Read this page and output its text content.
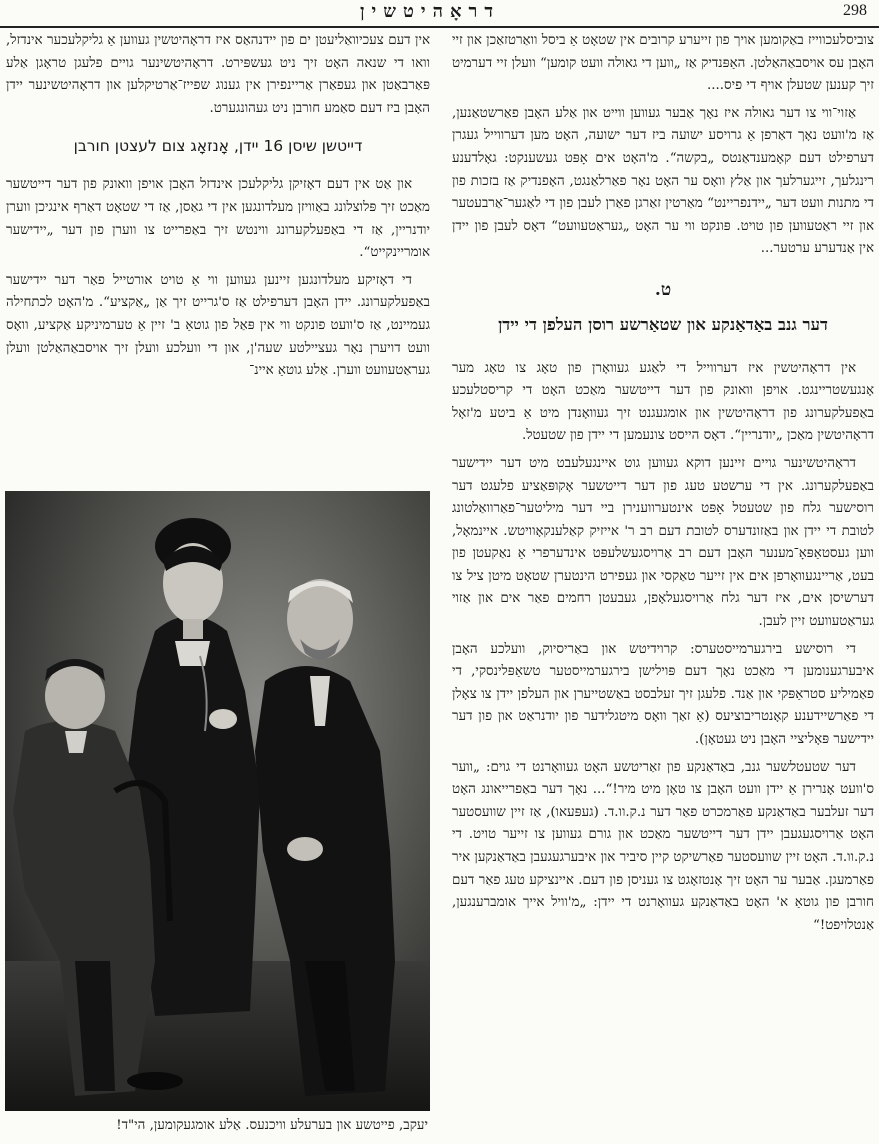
298
דראָהיטשין

אין דעם צעכיוואַליעטן ים פון יידנהאַס איז דראָהיטשין געווען אַ גליקלעכער אינדזל, וואו די שנאה האָט זיך ניט געשפּירט. דראָהיטשינער גויים פלעגן טראָגן אַלע פּאַרבאַטן און געפאַרן אַריינפירן אין גענוג שפייז־אַרטיקלען און דראָהיטשינער יידן האָבן ביז דעם סאַמע חורבן ניט געהונגערט.

דייטשן שיסן 16 יידן, אָנזאָג צום לעצטן חורבן

און אַט אין דעם דאָזיקן גליקלעכן אינדזל האָבן אויפן וואונק פון דער דייטשער מאַכט זיך פּלוצלונג באַוויזן מעלדונגען אין די גאַסן, אַז די שטאָט דאַרף אינגיכן ווערן יודנריין, אַז די באַפעלקערונג ווינטש זיך באַפרייט צו ווערן פון דער „יידישער אומריינקייט“.

די דאָזיקע מעלדונגען זיינען געווען ווי אַ טויט אורטייל פאַר דער יידישער באַפעלקערונג. יידן האָבן דערפילט אַז ס'גרייט זיך אַן „אַקציע“. מ'האָט לכתחילה געמיינט, אַז ס'וועט פונקט ווי אין פּאַל פון גוטאַ ב' זיין אַ טערמיניקע אַקציע, וואָס וועט דויערן נאָר געציילטע שעה'ן, און די וועלכע וועלן זיך אויסבאַהאַלטן וועלן געראַטעוועט ווערן. אַלע גוטאַ איינ־

צוביסלעכווייז באַקומען אויך פון זייערע קרובים אין שטאָט אַ ביסל וואַרטזאַכן און זיי האָבן עס אויסבאַהאַלטן. האַפּנדיק אַז „ווען די גאולה וועט קומען“ וועלן זיי דערמיט זיך קענען שטעלן אויף די פיס....

אַזוי־ווי צו דער גאולה איז נאָך אַבער געווען ווייט און אַלע האָבן פאַרשטאַנען, אַז מ'וועט נאָך דאַרפן אַ גרויסע ישועה ביז דער ישועה, האָט מען דערווייל געגרן דערפילט דעם קאָמענדאַנטס „בקשה“. מ'האָט אים אָפּט געשענקט: גאָלדענע רינגלעך, זייגערלעך און אַלץ וואָס ער האָט נאָר פאַרלאַנגט, האָפנדיק אַז בזכות פון די מתנות וועט דער „יידנפריינט“ מאַרטין זאַרגן פאַרן לעבן פון די לאַגער־אַרבעטער און זיי ראַטעווען פון טויט. פּונקט ווי ער האָט „געראַטעוועט“ דאָס לעבן פון יידן אין אַנדערע ערטער...

ט.
דער גנב באַדאַנקע און שטאַרשע רוסן העלפן די יידן

אין דראָהיטשין איז דערווייל די לאַגע געוואָרן פון טאָג צו טאָג מער אָנגעשטריינגט. אויפן וואונק פון דער דייטשער מאַכט האָט די קריסטלעכע באַפעלקערונג פון דראָהיטשין און אומגעגנט זיך געוואָנדן מיט אַ ביטע מ'זאָל דראָהיטשין מאַכן „יודנריין“. דאָס הייסט צונעמען די יידן פון שטעטל.

דראָהיטשינער גויים זיינען דוקא געווען גוט איינגעלעבט מיט דער יידישער באַפעלקערונג. אין די ערשטע טעג פון דער דייטשער אָקופּאַציע פלעגט דער רוסישער גלח פון שטעטל אָפּט אינטערווענירן ביי דער מיליטער־פאַרוואַלטונג לטובת די יידן און באַזונדערס לטובת דעם רב ר' אייזיק קאַלענקאָוויטש. איינמאָל, ווען געסטאַפּאָ־מענער האָבן דעם רב אַרויסגעשלעפּט אינדערפרי אַ נאַקעטן פון בעט, אַריינגעוואָרפן אים אין זייער טאַקסי און געפירט הינטערן שטאָט מיטן ציל צו דערשיסן אים, איז דער גלח אַרויסגעלאָפן, געבעטן רחמים פאַר אים און אַזוי געראַטעוועט זיין לעבן.

די רוסישע בירגערמייסטערס: קרוידיטש און באַריסיוק, וועלכע האָבן איבערגענומען די מאַכט נאָך דעם פּוילישן בירגערמייסטער טשאַפּלינסקי, די פאַמיליע סטראַפּקי און אַנד. פלעגן זיך זעלבסט באַשטייערן און העלפן יידן צו צאָלן די פאַרשיידענע קאָנטריבוציעס (אַ זאַך וואָס מיטגלידער פון יודנראַט און פון דער יידישער פּאָליציי האָבן ניט געטאָן).

דער שטעטלשער גנב, באַדאַנקע פון זאַריטשע האָט געוואָרנט די גוים: „ווער ס'וועט אָנרירן אַ יידן וועט האָבן צו טאָן מיט מיר!“... נאָך דער באַפרייאונג האָט דער זעלבער באַדאַנקע פאַרמכרט פאַר דער נ.ק.וו.ד. (געפּעאו), אַז זיין שוועסטער האָט אַרויסגעגעבן יידן דער דייטשער מאַכט און גורם געווען צו זייער טויט. די נ.ק.וו.ד. האָט זיין שוועסטער פאַרשיקט קיין סיביר און איבערגעגעבן באַדאַנקען איר פאַרמעגן. אַבער ער האָט זיך אָנטזאָגט צו געניסן פון דעם. איינציקע טעג פאַר דעם חורבן פון גוטאַ א' האָט באַדאַנקע געוואָרנט די יידן: „מ'וויל אייך אומברענגען, אַנטלויפט!“

יעקב, פייטשע און בערעלע וויכנעס. אַלע אומגעקומען, הי"ד!
